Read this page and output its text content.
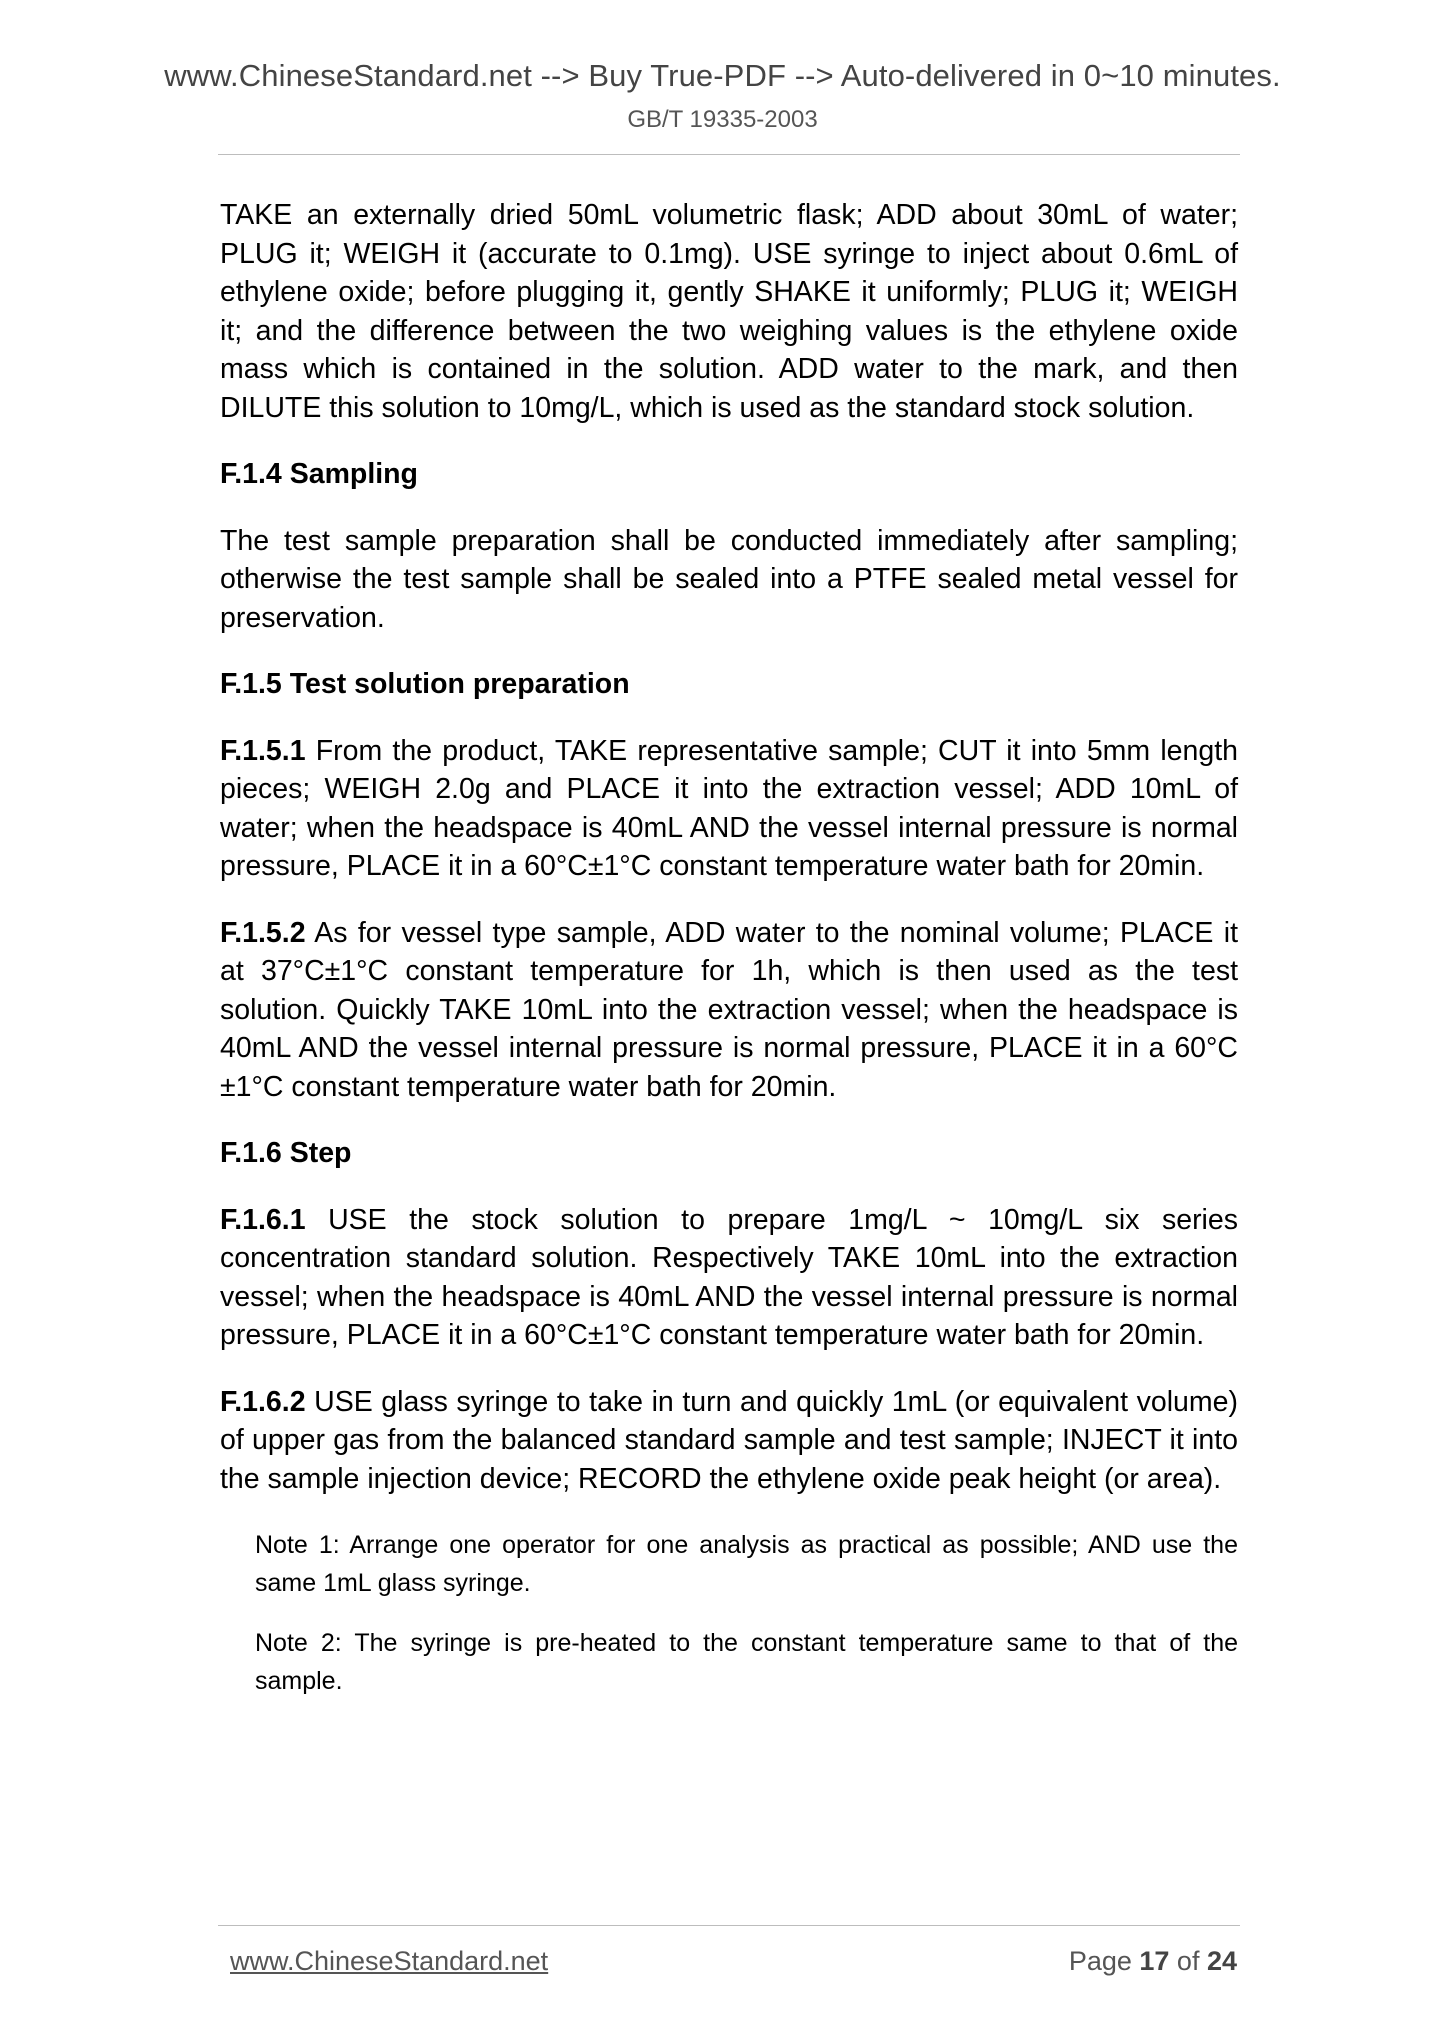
www.ChineseStandard.net --> Buy True-PDF --> Auto-delivered in 0~10 minutes.
GB/T 19335-2003

TAKE an externally dried 50mL volumetric flask; ADD about 30mL of water; PLUG it; WEIGH it (accurate to 0.1mg). USE syringe to inject about 0.6mL of ethylene oxide; before plugging it, gently SHAKE it uniformly; PLUG it; WEIGH it; and the difference between the two weighing values is the ethylene oxide mass which is contained in the solution. ADD water to the mark, and then DILUTE this solution to 10mg/L, which is used as the standard stock solution.

F.1.4 Sampling

The test sample preparation shall be conducted immediately after sampling; otherwise the test sample shall be sealed into a PTFE sealed metal vessel for preservation.

F.1.5 Test solution preparation

F.1.5.1 From the product, TAKE representative sample; CUT it into 5mm length pieces; WEIGH 2.0g and PLACE it into the extraction vessel; ADD 10mL of water; when the headspace is 40mL AND the vessel internal pressure is normal pressure, PLACE it in a 60°C±1°C constant temperature water bath for 20min.

F.1.5.2 As for vessel type sample, ADD water to the nominal volume; PLACE it at 37°C±1°C constant temperature for 1h, which is then used as the test solution. Quickly TAKE 10mL into the extraction vessel; when the headspace is 40mL AND the vessel internal pressure is normal pressure, PLACE it in a 60°C ±1°C constant temperature water bath for 20min.

F.1.6 Step

F.1.6.1 USE the stock solution to prepare 1mg/L ~ 10mg/L six series concentration standard solution. Respectively TAKE 10mL into the extraction vessel; when the headspace is 40mL AND the vessel internal pressure is normal pressure, PLACE it in a 60°C±1°C constant temperature water bath for 20min.

F.1.6.2 USE glass syringe to take in turn and quickly 1mL (or equivalent volume) of upper gas from the balanced standard sample and test sample; INJECT it into the sample injection device; RECORD the ethylene oxide peak height (or area).

Note 1: Arrange one operator for one analysis as practical as possible; AND use the same 1mL glass syringe.

Note 2: The syringe is pre-heated to the constant temperature same to that of the sample.

www.ChineseStandard.net	Page 17 of 24
